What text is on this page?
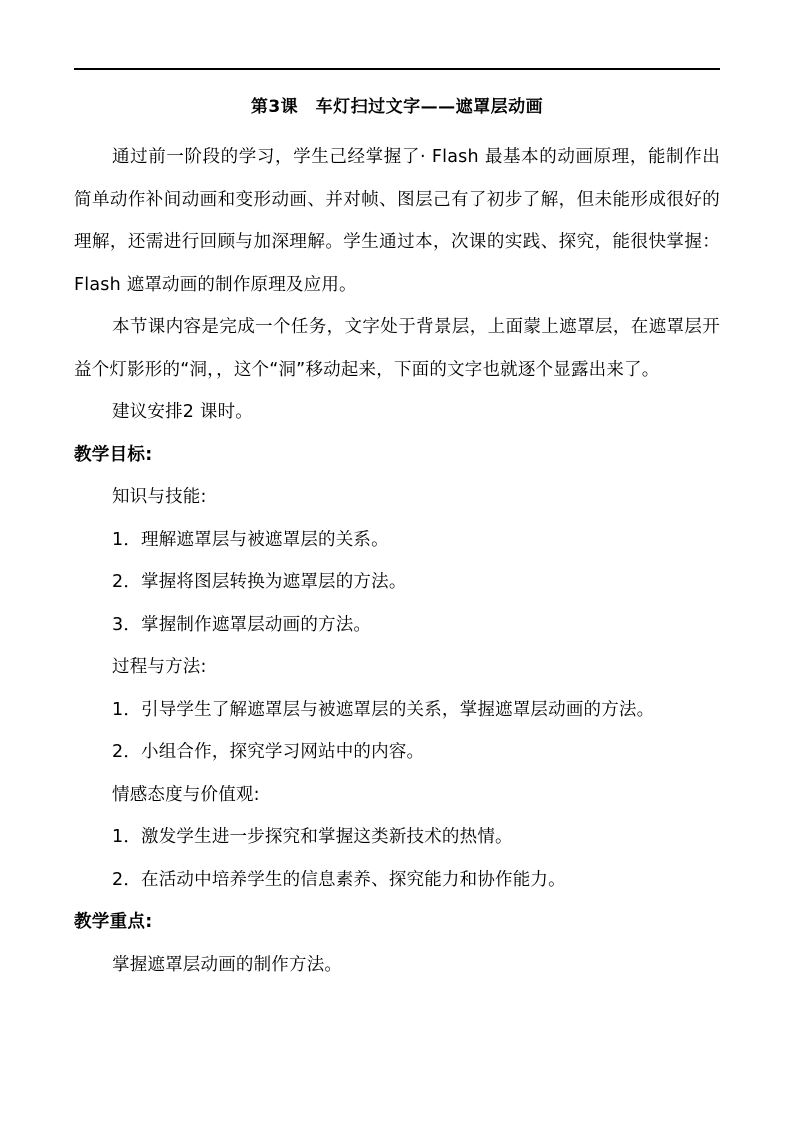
第3课　车灯扫过文字——遮罩层动画

通过前一阶段的学习，学生己经掌握了· Flash 最基本的动画原理，能制作出简单动作补间动画和变形动画、并对帧、图层己有了初步了解，但未能形成很好的理解，还需进行回顾与加深理解。学生通过本，次课的实践、探究，能很快掌握：Flash 遮罩动画的制作原理及应用。

本节课内容是完成一个任务，文字处于背景层，上面蒙上遮罩层，在遮罩层开益个灯影形的“洞，，这个“洞”移动起来，下面的文字也就逐个显露出来了。

建议安排2 课时。

教学目标:

知识与技能:

1．理解遮罩层与被遮罩层的关系。

2．掌握将图层转换为遮罩层的方法。

3．掌握制作遮罩层动画的方法。

过程与方法:

1．引导学生了解遮罩层与被遮罩层的关系，掌握遮罩层动画的方法。

2．小组合作，探究学习网站中的内容。

情感态度与价值观:

1．激发学生进一步探究和掌握这类新技术的热情。

2．在活动中培养学生的信息素养、探究能力和协作能力。

教学重点:

掌握遮罩层动画的制作方法。
